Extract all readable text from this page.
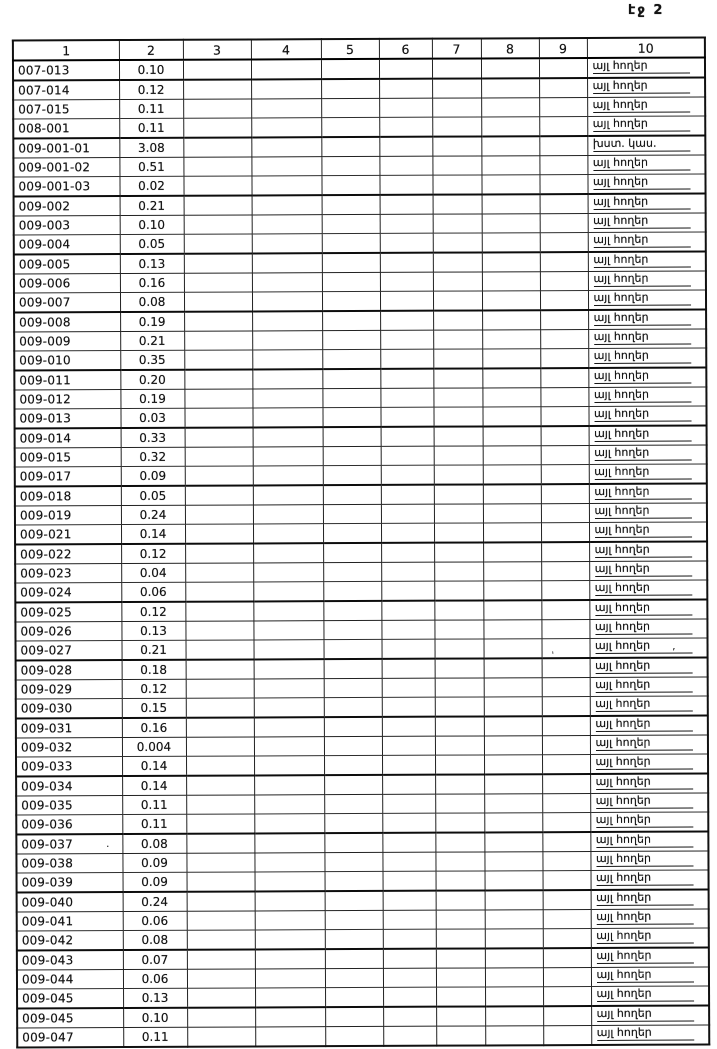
էջ 2
1	2	3	4	5	6	7	8	9	10
007-013	0.10								այլ հողեր
007-014	0.12								այլ հողեր
007-015	0.11								այլ հողեր
008-001	0.11								այլ հողեր
009-001-01	3.08								խստ. կաս.
009-001-02	0.51								այլ հողեր
009-001-03	0.02								այլ հողեր
009-002	0.21								այլ հողեր
009-003	0.10								այլ հողեր
009-004	0.05								այլ հողեր
009-005	0.13								այլ հողեր
009-006	0.16								այլ հողեր
009-007	0.08								այլ հողեր
009-008	0.19								այլ հողեր
009-009	0.21								այլ հողեր
009-010	0.35								այլ հողեր
009-011	0.20								այլ հողեր
009-012	0.19								այլ հողեր
009-013	0.03								այլ հողեր
009-014	0.33								այլ հողեր
009-015	0.32								այլ հողեր
009-017	0.09								այլ հողեր
009-018	0.05								այլ հողեր
009-019	0.24								այլ հողեր
009-021	0.14								այլ հողեր
009-022	0.12								այլ հողեր
009-023	0.04								այլ հողեր
009-024	0.06								այլ հողեր
009-025	0.12								այլ հողեր
009-026	0.13								այլ հողեր
009-027	0.21								այլ հողեր
009-028	0.18								այլ հողեր
009-029	0.12								այլ հողեր
009-030	0.15								այլ հողեր
009-031	0.16								այլ հողեր
009-032	0.004								այլ հողեր
009-033	0.14								այլ հողեր
009-034	0.14								այլ հողեր
009-035	0.11								այլ հողեր
009-036	0.11								այլ հողեր
009-037	0.08								այլ հողեր
009-038	0.09								այլ հողեր
009-039	0.09								այլ հողեր
009-040	0.24								այլ հողեր
009-041	0.06								այլ հողեր
009-042	0.08								այլ հողեր
009-043	0.07								այլ հողեր
009-044	0.06								այլ հողեր
009-045	0.13								այլ հողեր
009-045	0.10								այլ հողեր
009-047	0.11								այլ հողեր
`	’
·
